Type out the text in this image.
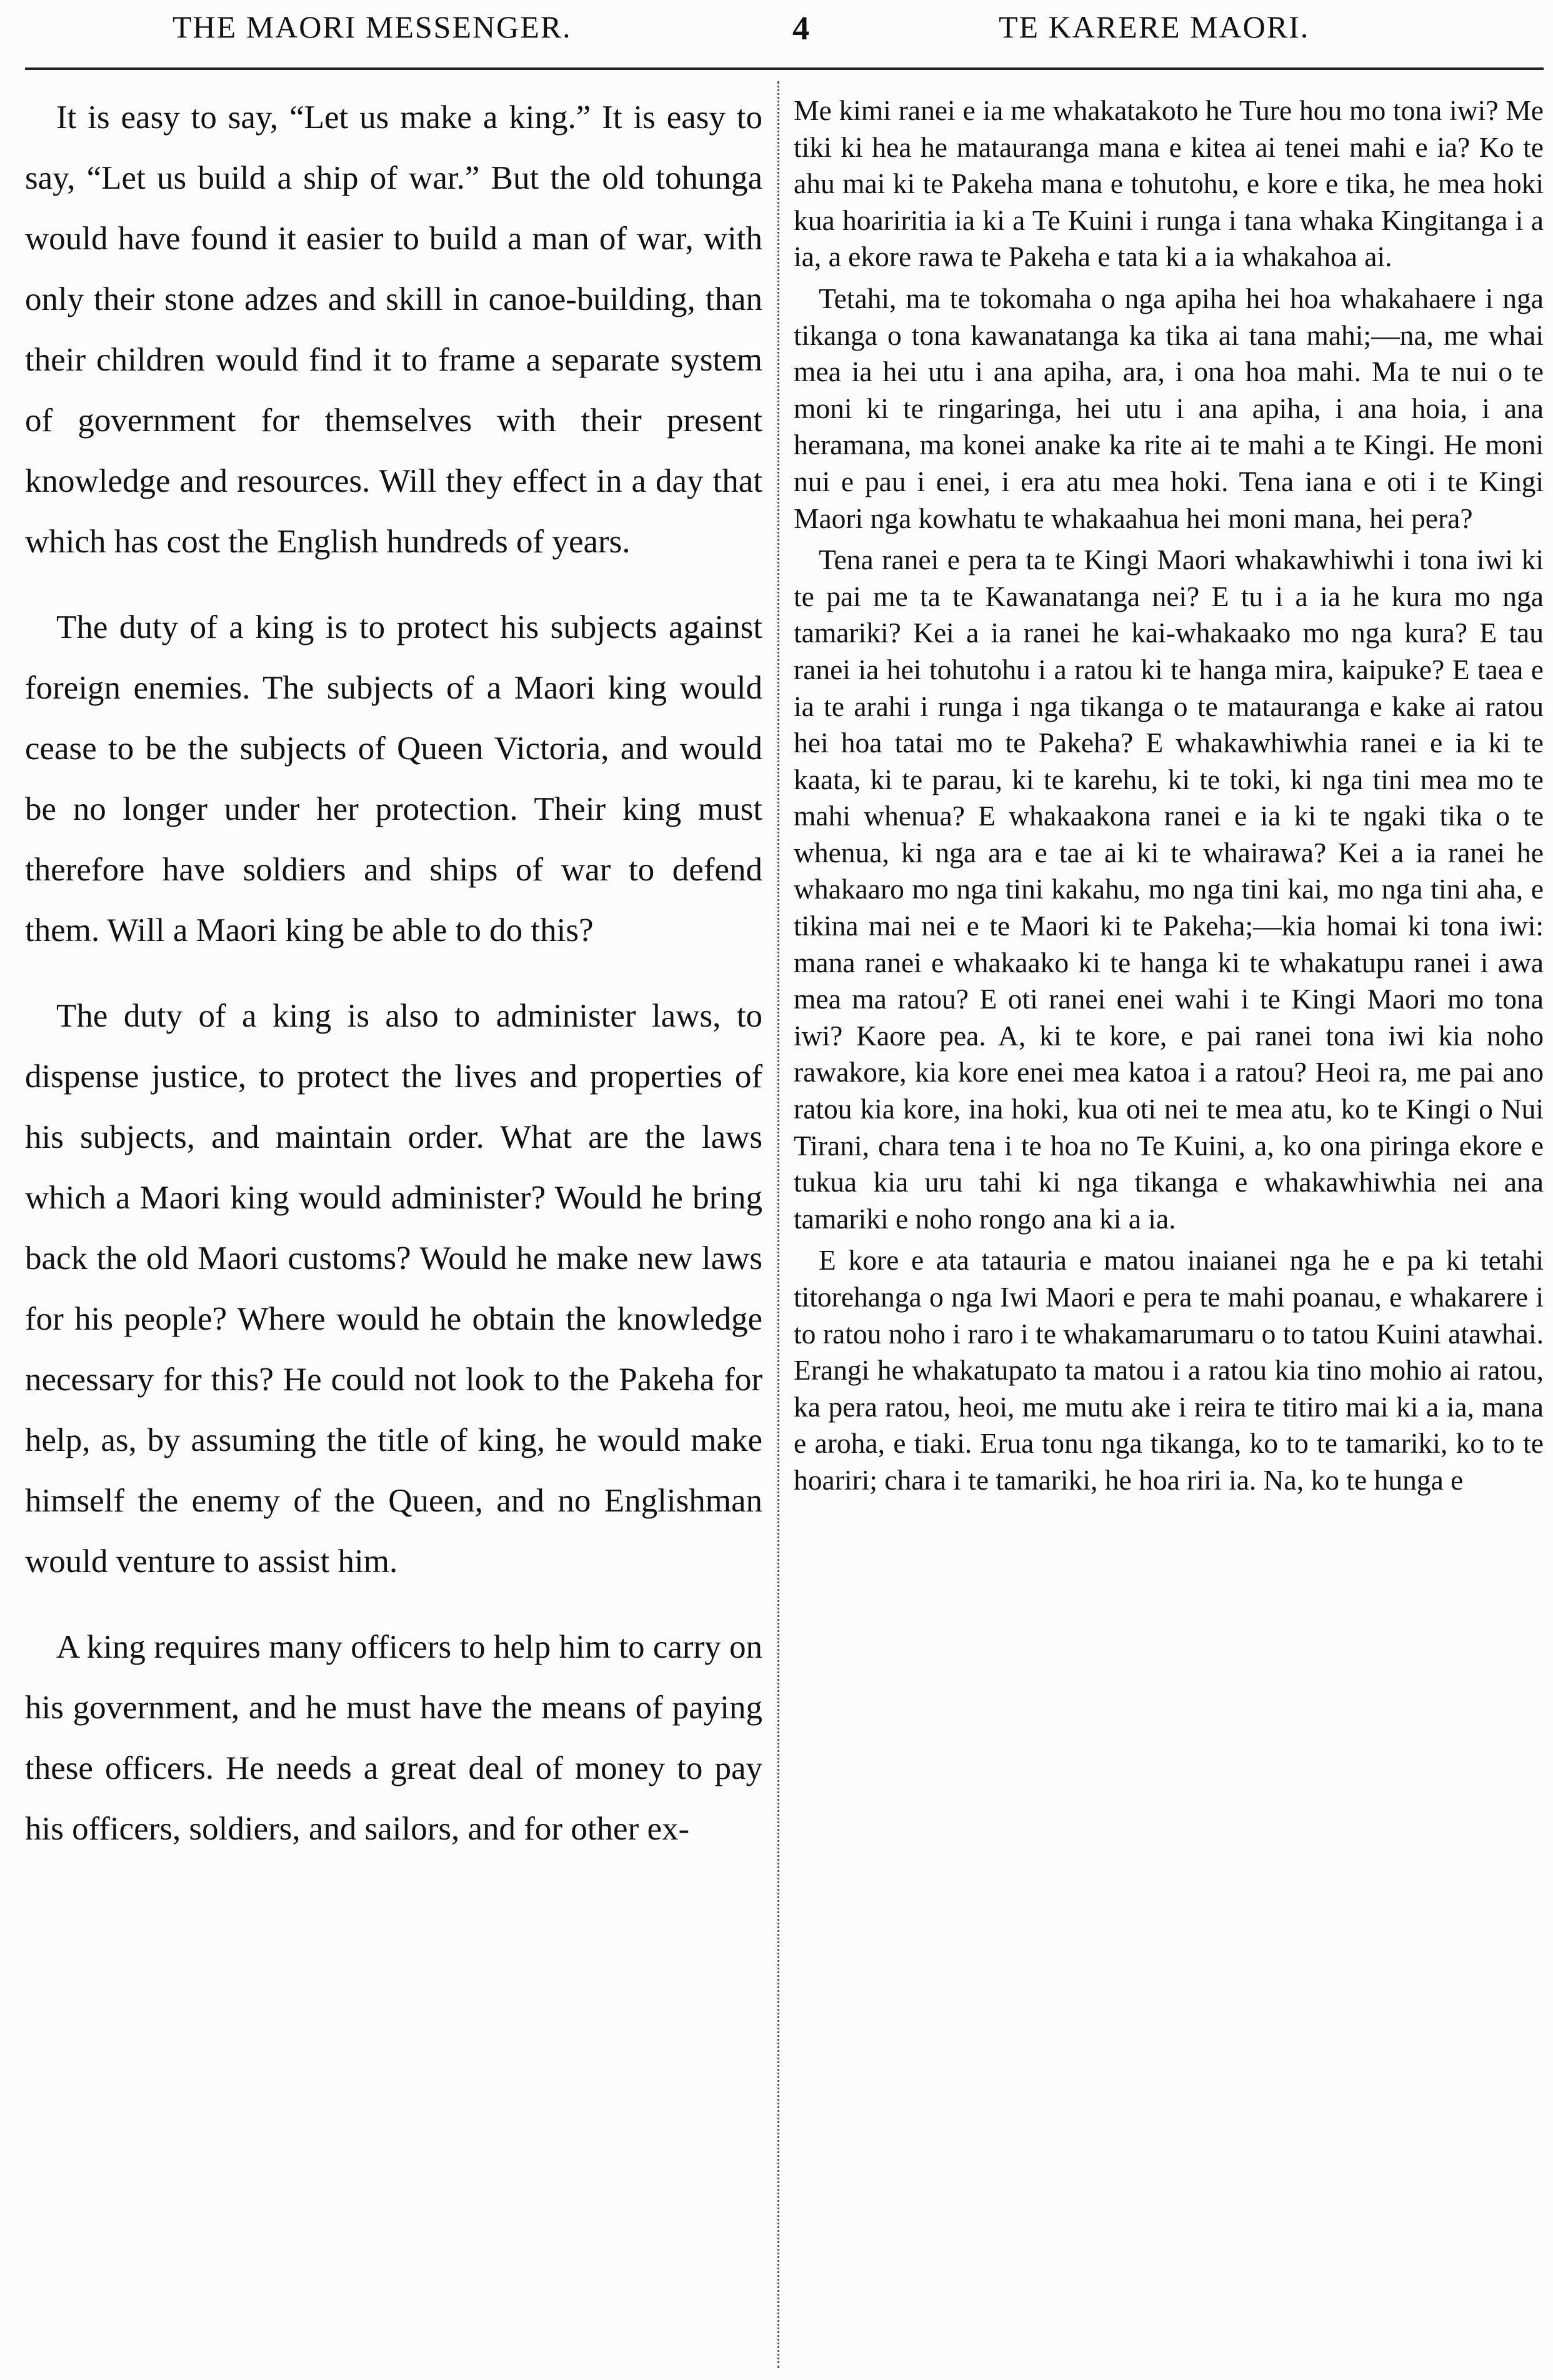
THE MAORI MESSENGER.	4	TE KARERE MAORI.

It is easy to say, “Let us make a king.” It is easy to say, “Let us build a ship of war.” But the old tohunga would have found it easier to build a man of war, with only their stone adzes and skill in canoe-building, than their children would find it to frame a separate system of government for themselves with their present knowledge and resources. Will they effect in a day that which has cost the English hundreds of years.

The duty of a king is to protect his subjects against foreign enemies. The subjects of a Maori king would cease to be the subjects of Queen Victoria, and would be no longer under her protection. Their king must therefore have soldiers and ships of war to defend them. Will a Maori king be able to do this?

The duty of a king is also to administer laws, to dispense justice, to protect the lives and properties of his subjects, and maintain order. What are the laws which a Maori king would administer? Would he bring back the old Maori customs? Would he make new laws for his people? Where would he obtain the knowledge necessary for this? He could not look to the Pakeha for help, as, by assuming the title of king, he would make himself the enemy of the Queen, and no Englishman would venture to assist him.

A king requires many officers to help him to carry on his government, and he must have the means of paying these officers. He needs a great deal of money to pay his officers, soldiers, and sailors, and for other ex-

Me kimi ranei e ia me whakatakoto he Ture hou mo tona iwi? Me tiki ki hea he matauranga mana e kitea ai tenei mahi e ia? Ko te ahu mai ki te Pakeha mana e tohutohu, e kore e tika, he mea hoki kua hoariritia ia ki a Te Kuini i runga i tana whaka Kingitanga i a ia, a ekore rawa te Pakeha e tata ki a ia whakahoa ai.

Tetahi, ma te tokomaha o nga apiha hei hoa whakahaere i nga tikanga o tona kawanatanga ka tika ai tana mahi;—na, me whai mea ia hei utu i ana apiha, ara, i ona hoa mahi. Ma te nui o te moni ki te ringaringa, hei utu i ana apiha, i ana hoia, i ana heramana, ma konei anake ka rite ai te mahi a te Kingi. He moni nui e pau i enei, i era atu mea hoki. Tena iana e oti i te Kingi Maori nga kowhatu te whakaahua hei moni mana, hei pera?

Tena ranei e pera ta te Kingi Maori whakawhiwhi i tona iwi ki te pai me ta te Kawanatanga nei? E tu i a ia he kura mo nga tamariki? Kei a ia ranei he kai-whakaako mo nga kura? E tau ranei ia hei tohutohu i a ratou ki te hanga mira, kaipuke? E taea e ia te arahi i runga i nga tikanga o te matauranga e kake ai ratou hei hoa tatai mo te Pakeha? E whakawhiwhia ranei e ia ki te kaata, ki te parau, ki te karehu, ki te toki, ki nga tini mea mo te mahi whenua? E whakaakona ranei e ia ki te ngaki tika o te whenua, ki nga ara e tae ai ki te whairawa? Kei a ia ranei he whakaaro mo nga tini kakahu, mo nga tini kai, mo nga tini aha, e tikina mai nei e te Maori ki te Pakeha;—kia homai ki tona iwi: mana ranei e whakaako ki te hanga ki te whakatupu ranei i awa mea ma ratou? E oti ranei enei wahi i te Kingi Maori mo tona iwi? Kaore pea. A, ki te kore, e pai ranei tona iwi kia noho rawakore, kia kore enei mea katoa i a ratou? Heoi ra, me pai ano ratou kia kore, ina hoki, kua oti nei te mea atu, ko te Kingi o Nui Tirani, chara tena i te hoa no Te Kuini, a, ko ona piringa ekore e tukua kia uru tahi ki nga tikanga e whakawhiwhia nei ana tamariki e noho rongo ana ki a ia.

E kore e ata tatauria e matou inaianei nga he e pa ki tetahi titorehanga o nga Iwi Maori e pera te mahi poanau, e whakarere i to ratou noho i raro i te whakamarumaru o to tatou Kuini atawhai. Erangi he whakatupato ta matou i a ratou kia tino mohio ai ratou, ka pera ratou, heoi, me mutu ake i reira te titiro mai ki a ia, mana e aroha, e tiaki. Erua tonu nga tikanga, ko to te tamariki, ko to te hoariri; chara i te tamariki, he hoa riri ia. Na, ko te hunga e
